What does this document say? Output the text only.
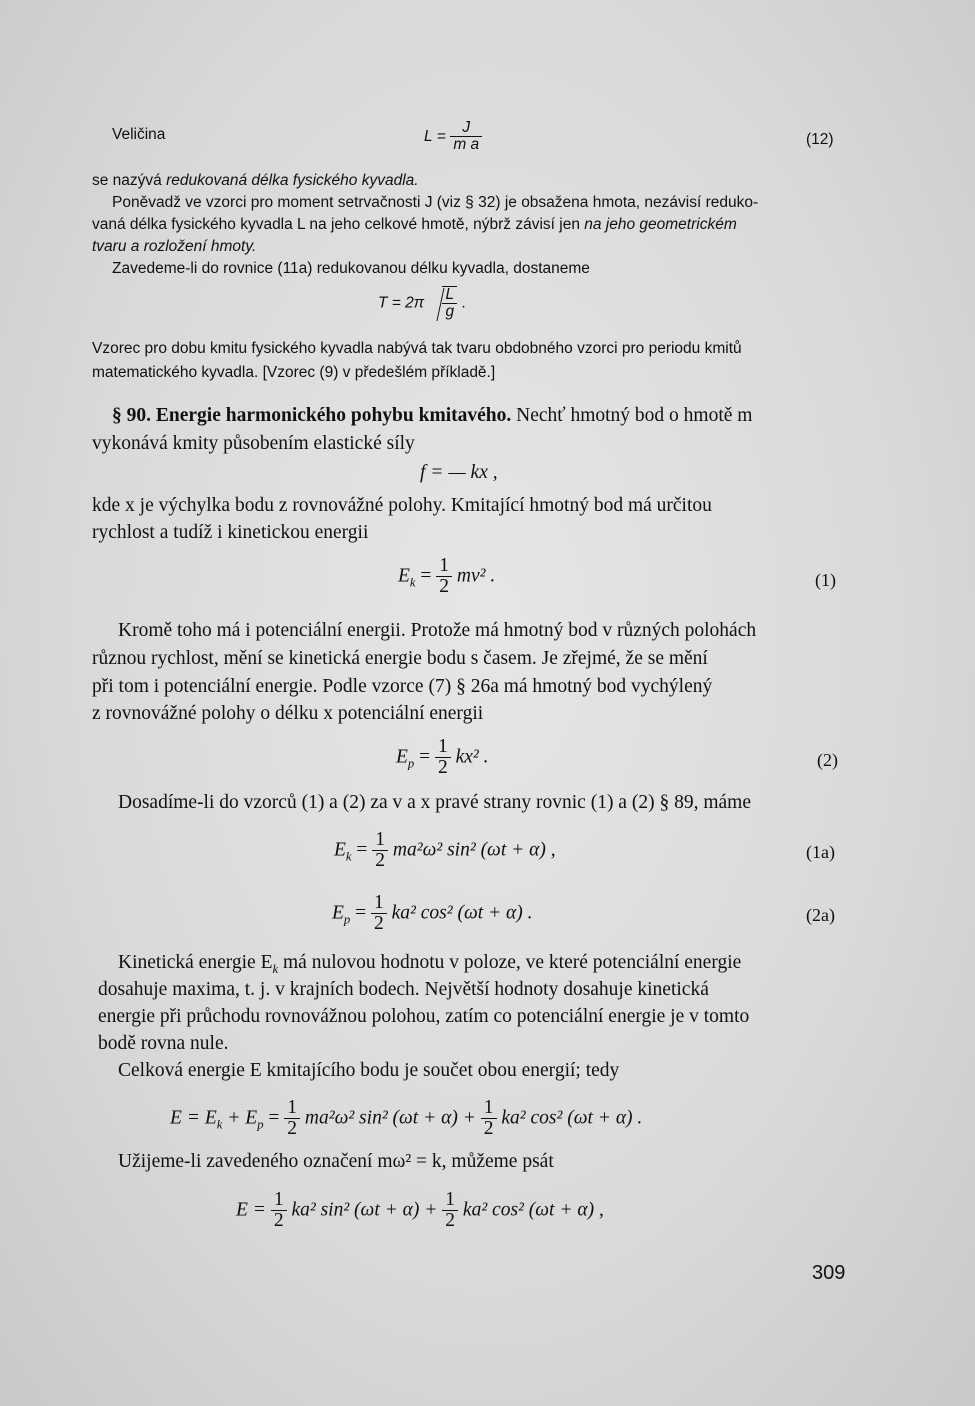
Veličina	$L = \frac{J}{\text{m a}}$	(12)
se nazývá redukovaná délka fysického kyvadla.
Poněvadž ve vzorci pro moment setrvačnosti J (viz § 32) je obsažena hmota, nezávisí reduko-
vaná délka fysického kyvadla L na jeho celkové hmotě, nýbrž závisí jen na jeho geometrickém
tvaru a rozložení hmoty.
Zavedeme-li do rovnice (11a) redukovanou délku kyvadla, dostaneme
$T = 2\pi \frac{L}{g}$ .
Vzorec pro dobu kmitu fysického kyvadla nabývá tak tvaru obdobného vzorci pro periodu kmitů
matematického kyvadla. [Vzorec (9) v předešlém příkladě.]
§ 90. Energie harmonického pohybu kmitavého. Nechť hmotný bod o hmotě m
vykonává kmity působením elastické síly
f = — kx ,
kde x je výchylka bodu z rovnovážné polohy. Kmitající hmotný bod má určitou
rychlost a tudíž i kinetickou energii
$E_k = \frac{1}{2} mv^2$ .	(1)
Kromě toho má i potenciální energii. Protože má hmotný bod v různých polohách
různou rychlost, mění se kinetická energie bodu s časem. Je zřejmé, že se mění
při tom i potenciální energie. Podle vzorce (7) § 26a má hmotný bod vychýlený
z rovnovážné polohy o délku x potenciální energii
$E_p = \frac{1}{2} kx^2$ .	(2)
Dosadíme-li do vzorců (1) a (2) za v a x pravé strany rovnic (1) a (2) § 89, máme
$E_k = \frac{1}{2} ma^2\omega^2$ sin² (ωt + α) ,	(1a)
$E_p = \frac{1}{2} ka^2$ cos² (ωt + α) .	(2a)
Kinetická energie $E_k$ má nulovou hodnotu v poloze, ve které potenciální energie
dosahuje maxima, t. j. v krajních bodech. Největší hodnoty dosahuje kinetická
energie při průchodu rovnovážnou polohou, zatím co potenciální energie je v tomto
bodě rovna nule.
Celková energie E kmitajícího bodu je součet obou energií; tedy
$E = E_k + E_p = \frac{1}{2} ma^2\omega^2$ sin² $(\omega t + \alpha) + \frac{1}{2} ka^2$ cos² (ωt + α) .
Užijeme-li zavedeného označení mω² = k, můžeme psát
$E = \frac{1}{2} ka^2$ sin² $(\omega t + \alpha) + \frac{1}{2} ka^2$ cos² (ωt + α) ,
309
